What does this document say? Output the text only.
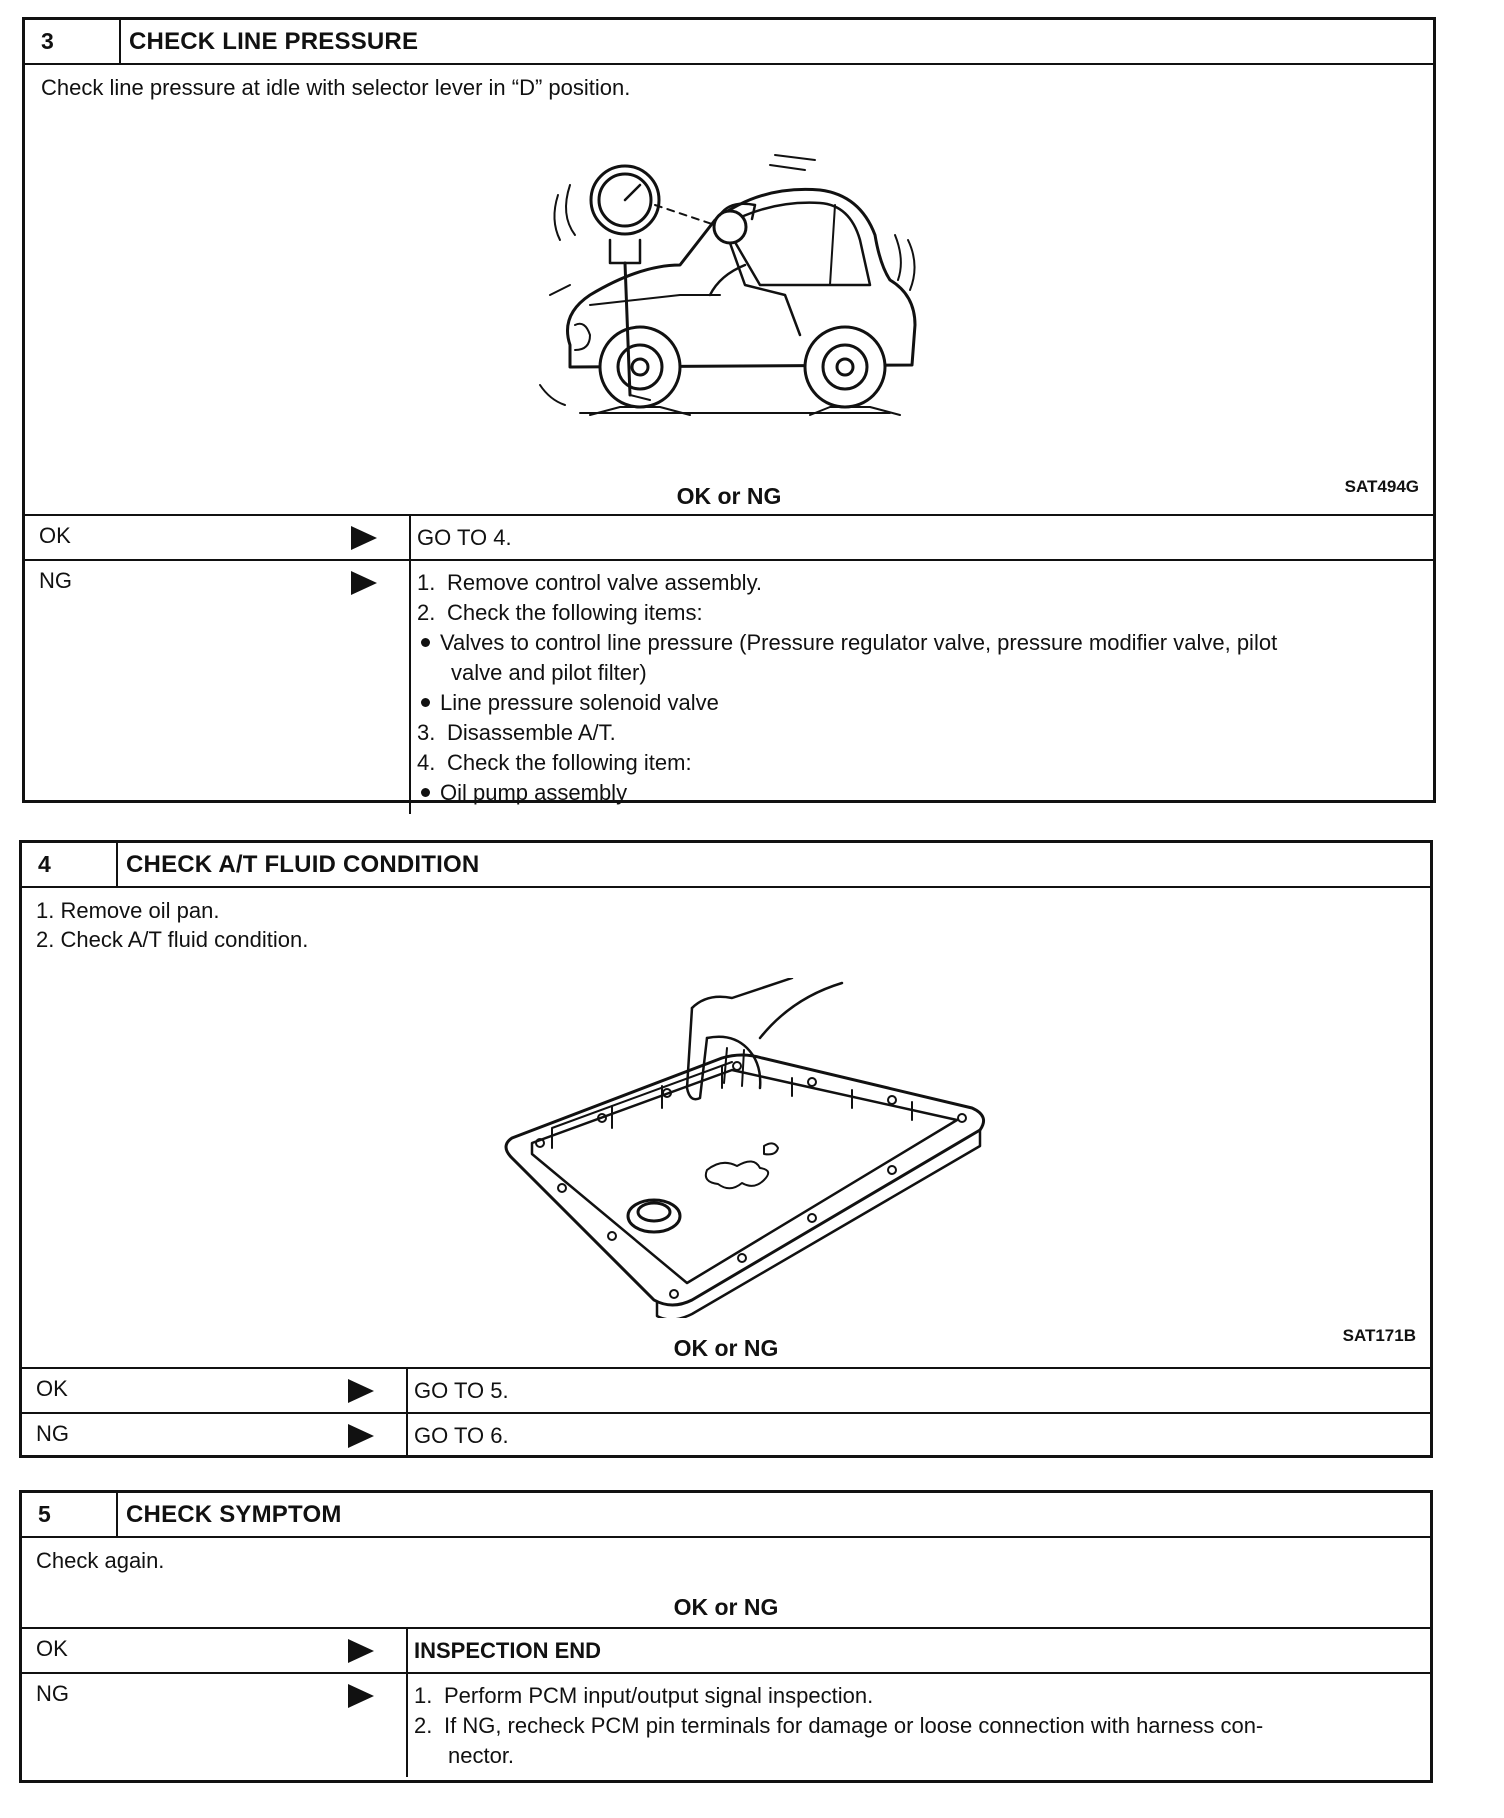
3	CHECK LINE PRESSURE
Check line pressure at idle with selector lever in “D” position.
SAT494G
OK or NG
OK	GO TO 4.
NG	1. Remove control valve assembly.
2. Check the following items:
Valves to control line pressure (Pressure regulator valve, pressure modifier valve, pilot
valve and pilot filter)
Line pressure solenoid valve
3. Disassemble A/T.
4. Check the following item:
Oil pump assembly
4	CHECK A/T FLUID CONDITION
1. Remove oil pan.
2. Check A/T fluid condition.
SAT171B
OK or NG
OK	GO TO 5.
NG	GO TO 6.
5	CHECK SYMPTOM
Check again.
OK or NG
OK	INSPECTION END
NG	1. Perform PCM input/output signal inspection.
2. If NG, recheck PCM pin terminals for damage or loose connection with harness con-
nector.
